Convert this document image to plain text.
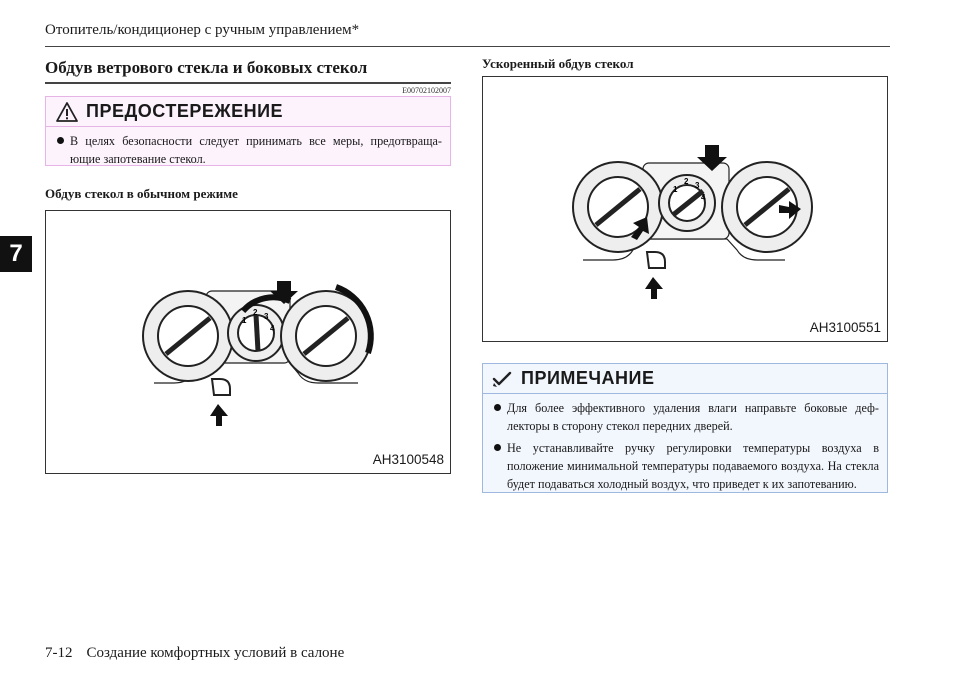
Отопитель/кондиционер с ручным управлением*
7
Обдув ветрового стекла и боковых стекол
E00702102007
ПРЕДОСТЕРЕЖЕНИЕ
В целях безопасности следует принимать все меры, предотвраща-ющие запотевание стекол.
Обдув стекол в обычном режиме
1
2 3
4
AH3100548
Ускоренный обдув стекол
1
2 3
4
AH3100551
ПРИМЕЧАНИЕ
Для более эффективного удаления влаги направьте боковые деф-лекторы в сторону стекол передних дверей.
Не устанавливайте ручку регулировки температуры воздуха в положение минимальной температуры подаваемого воздуха. На стекла будет подаваться холодный воздух, что приведет к их запотеванию.
7-12 Создание комфортных условий в салоне
